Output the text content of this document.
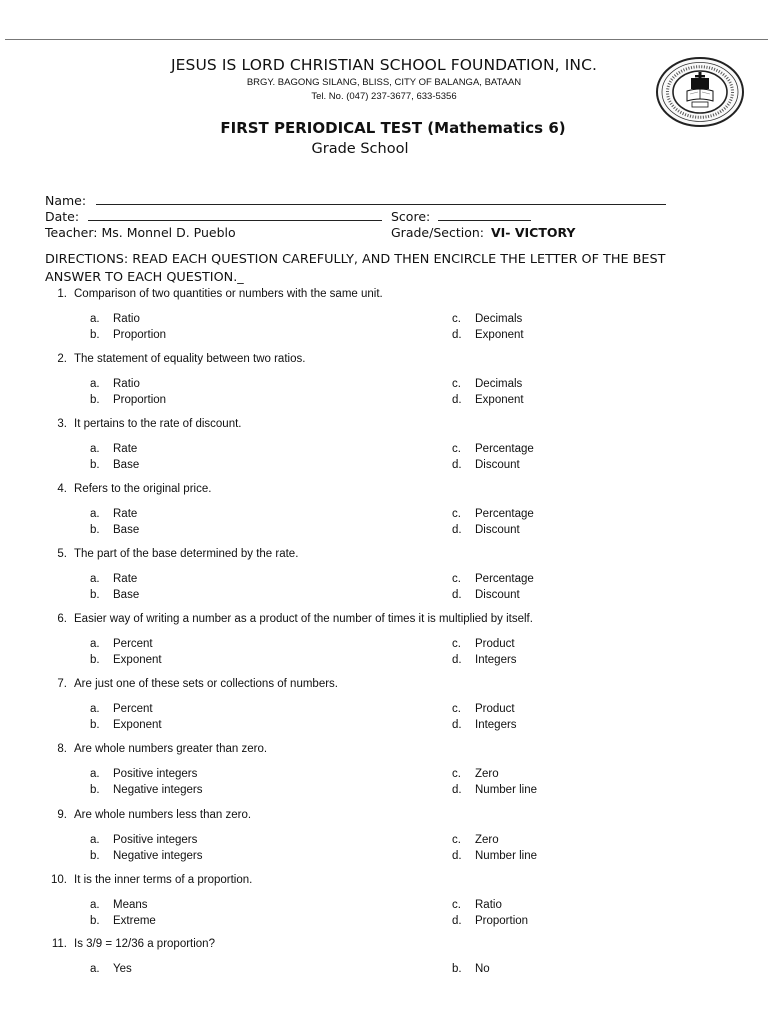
JESUS IS LORD CHRISTIAN SCHOOL FOUNDATION, INC.
BRGY. BAGONG SILANG, BLISS, CITY OF BALANGA, BATAAN
Tel. No. (047) 237-3677, 633-5356
FIRST PERIODICAL TEST (Mathematics 6)
Grade School
Name:
Date:	Score:
Teacher: Ms. Monnel D. Pueblo	Grade/Section: VI- VICTORY
DIRECTIONS: READ EACH QUESTION CAREFULLY, AND THEN ENCIRCLE THE LETTER OF THE BEST ANSWER TO EACH QUESTION._
1. Comparison of two quantities or numbers with the same unit.
a. Ratio
b. Proportion
c. Decimals
d. Exponent
2. The statement of equality between two ratios.
a. Ratio
b. Proportion
c. Decimals
d. Exponent
3. It pertains to the rate of discount.
a. Rate
b. Base
c. Percentage
d. Discount
4. Refers to the original price.
a. Rate
b. Base
c. Percentage
d. Discount
5. The part of the base determined by the rate.
a. Rate
b. Base
c. Percentage
d. Discount
6. Easier way of writing a number as a product of the number of times it is multiplied by itself.
a. Percent
b. Exponent
c. Product
d. Integers
7. Are just one of these sets or collections of numbers.
a. Percent
b. Exponent
c. Product
d. Integers
8. Are whole numbers greater than zero.
a. Positive integers
b. Negative integers
c. Zero
d. Number line
9. Are whole numbers less than zero.
a. Positive integers
b. Negative integers
c. Zero
d. Number line
10. It is the inner terms of a proportion.
a. Means
b. Extreme
c. Ratio
d. Proportion
11. Is 3/9 = 12/36 a proportion?
a. Yes	b. No
